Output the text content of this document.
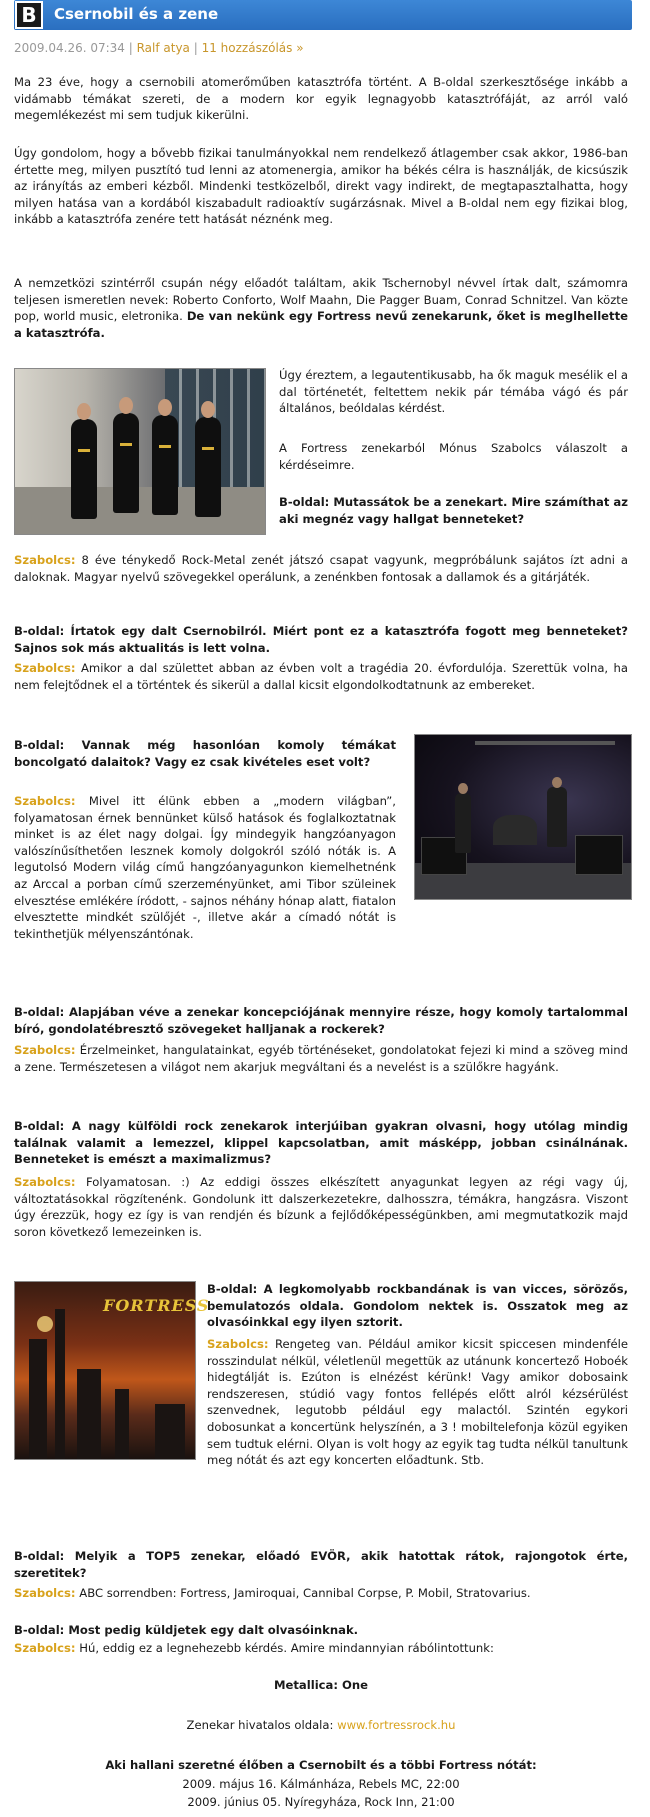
B	Csernobil és a zene
2009.04.26. 07:34 | Ralf atya | 11 hozzászólás »

Ma 23 éve, hogy a csernobili atomerőműben katasztrófa történt. A B-oldal szerkesztősége inkább a vidámabb témákat szereti, de a modern kor egyik legnagyobb katasztrófáját, az arról való megemlékezést mi sem tudjuk kikerülni.

Úgy gondolom, hogy a bővebb fizikai tanulmányokkal nem rendelkező átlagember csak akkor, 1986-ban értette meg, milyen pusztító tud lenni az atomenergia, amikor ha békés célra is használják, de kicsúszik az irányítás az emberi kézből. Mindenki testközelből, direkt vagy indirekt, de megtapasztalhatta, hogy milyen hatása van a kordából kiszabadult radioaktív sugárzásnak. Mivel a B-oldal nem egy fizikai blog, inkább a katasztrófa zenére tett hatását néznénk meg.

A nemzetközi szintérről csupán négy előadót találtam, akik Tschernobyl névvel írtak dalt, számomra teljesen ismeretlen nevek: Roberto Conforto, Wolf Maahn, Die Pagger Buam, Conrad Schnitzel. Van közte pop, world music, eletronika. De van nekünk egy Fortress nevű zenekarunk, őket is meglhellette a katasztrófa.

Úgy éreztem, a legautentikusabb, ha ők maguk mesélik el a dal történetét, feltettem nekik pár témába vágó és pár általános, beóldalas kérdést.

A Fortress zenekarból Mónus Szabolcs válaszolt a kérdéseimre.

B-oldal: Mutassátok be a zenekart. Mire számíthat az aki megnéz vagy hallgat benneteket?

Szabolcs: 8 éve ténykedő Rock-Metal zenét játszó csapat vagyunk, megpróbálunk sajátos ízt adni a daloknak. Magyar nyelvű szövegekkel operálunk, a zenénkben fontosak a dallamok és a gitárjáték.

B-oldal: Írtatok egy dalt Csernobilról. Miért pont ez a katasztrófa fogott meg benneteket? Sajnos sok más aktualitás is lett volna.

Szabolcs: Amikor a dal születtet abban az évben volt a tragédia 20. évfordulója. Szerettük volna, ha nem felejtődnek el a történtek és sikerül a dallal kicsit elgondolkodtatnunk az embereket.

B-oldal: Vannak még hasonlóan komoly témákat boncolgató dalaitok? Vagy ez csak kivételes eset volt?

Szabolcs: Mivel itt élünk ebben a „modern világban”, folyamatosan érnek bennünket külső hatások és foglalkoztatnak minket is az élet nagy dolgai. Így mindegyik hangzóanyagon valószínűsíthetően lesznek komoly dolgokról szóló nóták is. A legutolsó Modern világ című hangzóanyagunkon kiemelhetnénk az Arccal a porban című szerzeményünket, ami Tibor szüleinek elvesztése emlékére íródott, - sajnos néhány hónap alatt, fiatalon elvesztette mindkét szülőjét -, illetve akár a címadó nótát is tekinthetjük mélyenszántónak.

B-oldal: Alapjában véve a zenekar koncepciójának mennyire része, hogy komoly tartalommal bíró, gondolatébresztő szövegeket halljanak a rockerek?

Szabolcs: Érzelmeinket, hangulatainkat, egyéb történéseket, gondolatokat fejezi ki mind a szöveg mind a zene. Természetesen a világot nem akarjuk megváltani és a nevelést is a szülőkre hagyánk.

B-oldal: A nagy külföldi rock zenekarok interjúiban gyakran olvasni, hogy utólag mindig találnak valamit a lemezzel, klippel kapcsolatban, amit másképp, jobban csinálnának. Benneteket is emészt a maximalizmus?

Szabolcs: Folyamatosan. :) Az eddigi összes elkészített anyagunkat legyen az régi vagy új, változtatásokkal rögzítenénk. Gondolunk itt dalszerkezetekre, dalhosszra, témákra, hangzásra. Viszont úgy érezzük, hogy ez így is van rendjén és bízunk a fejlődőképességünkben, ami megmutatkozik majd soron következő lemezeinken is.

FORTRESS

B-oldal: A legkomolyabb rockbandának is van vicces, sörözős, bemulatozós oldala. Gondolom nektek is. Osszatok meg az olvasóinkkal egy ilyen sztorit.

Szabolcs: Rengeteg van. Például amikor kicsit spiccesen mindenféle rosszindulat nélkül, véletlenül megettük az utánunk koncertező Hoboék hidegtálját is. Ezúton is elnézést kérünk! Vagy amikor dobosaink rendszeresen, stúdió vagy fontos fellépés előtt alról kézsérülést szenvednek, legutobb például egy malactól. Szintén egykori dobosunkat a koncertünk helyszínén, a 3 ! mobiltelefonja közül egyiken sem tudtuk elérni. Olyan is volt hogy az egyik tag tudta nélkül tanultunk meg nótát és azt egy koncerten előadtunk. Stb.

B-oldal: Melyik a TOP5 zenekar, előadó EVÖR, akik hatottak rátok, rajongotok érte, szeretitek?

Szabolcs: ABC sorrendben: Fortress, Jamiroquai, Cannibal Corpse, P. Mobil, Stratovarius.

B-oldal: Most pedig küldjetek egy dalt olvasóinknak.

Szabolcs: Hú, eddig ez a legnehezebb kérdés. Amire mindannyian rábólintottunk:

Metallica: One

Zenekar hivatalos oldala: www.fortressrock.hu

Aki hallani szeretné élőben a Csernobilt és a többi Fortress nótát:

2009. május 16. Kálmánháza, Rebels MC, 22:00

2009. június 05. Nyíregyháza, Rock Inn, 21:00
